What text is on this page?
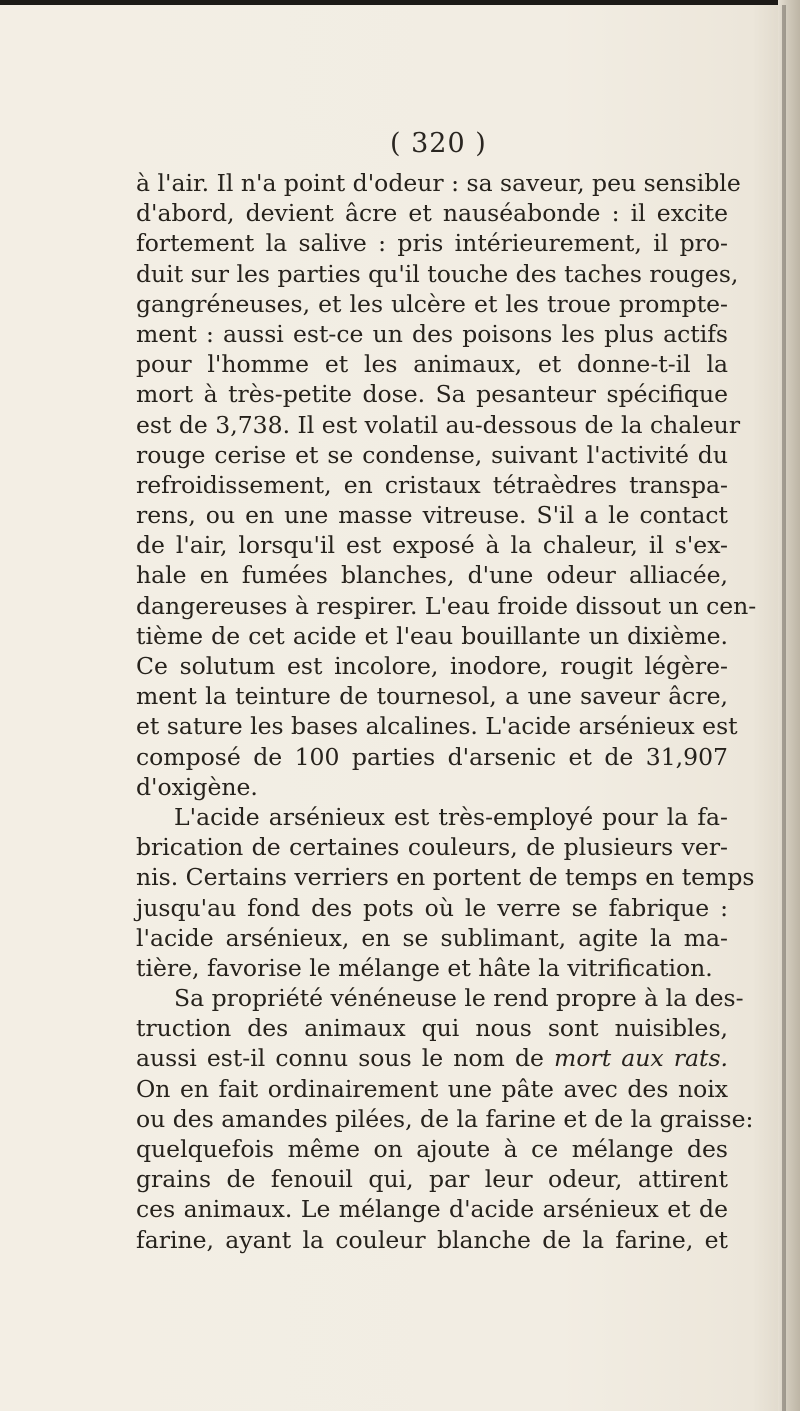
( 320 )
à l'air. Il n'a point d'odeur : sa saveur, peu sensible
d'abord, devient âcre et nauséabonde : il excite
fortement la salive : pris intérieurement, il pro-
duit sur les parties qu'il touche des taches rouges,
gangréneuses, et les ulcère et les troue prompte-
ment : aussi est-ce un des poisons les plus actifs
pour l'homme et les animaux, et donne-t-il la
mort à très-petite dose. Sa pesanteur spécifique
est de 3,738. Il est volatil au-dessous de la chaleur
rouge cerise et se condense, suivant l'activité du
refroidissement, en cristaux tétraèdres transpa-
rens, ou en une masse vitreuse. S'il a le contact
de l'air, lorsqu'il est exposé à la chaleur, il s'ex-
hale en fumées blanches, d'une odeur alliacée,
dangereuses à respirer. L'eau froide dissout un cen-
tième de cet acide et l'eau bouillante un dixième.
Ce solutum est incolore, inodore, rougit légère-
ment la teinture de tournesol, a une saveur âcre,
et sature les bases alcalines. L'acide arsénieux est
composé de 100 parties d'arsenic et de 31,907
d'oxigène.
L'acide arsénieux est très-employé pour la fa-
brication de certaines couleurs, de plusieurs ver-
nis. Certains verriers en portent de temps en temps
jusqu'au fond des pots où le verre se fabrique :
l'acide arsénieux, en se sublimant, agite la ma-
tière, favorise le mélange et hâte la vitrification.
Sa propriété vénéneuse le rend propre à la des-
truction des animaux qui nous sont nuisibles,
aussi est-il connu sous le nom de mort aux rats.
On en fait ordinairement une pâte avec des noix
ou des amandes pilées, de la farine et de la graisse:
quelquefois même on ajoute à ce mélange des
grains de fenouil qui, par leur odeur, attirent
ces animaux. Le mélange d'acide arsénieux et de
farine, ayant la couleur blanche de la farine, et
